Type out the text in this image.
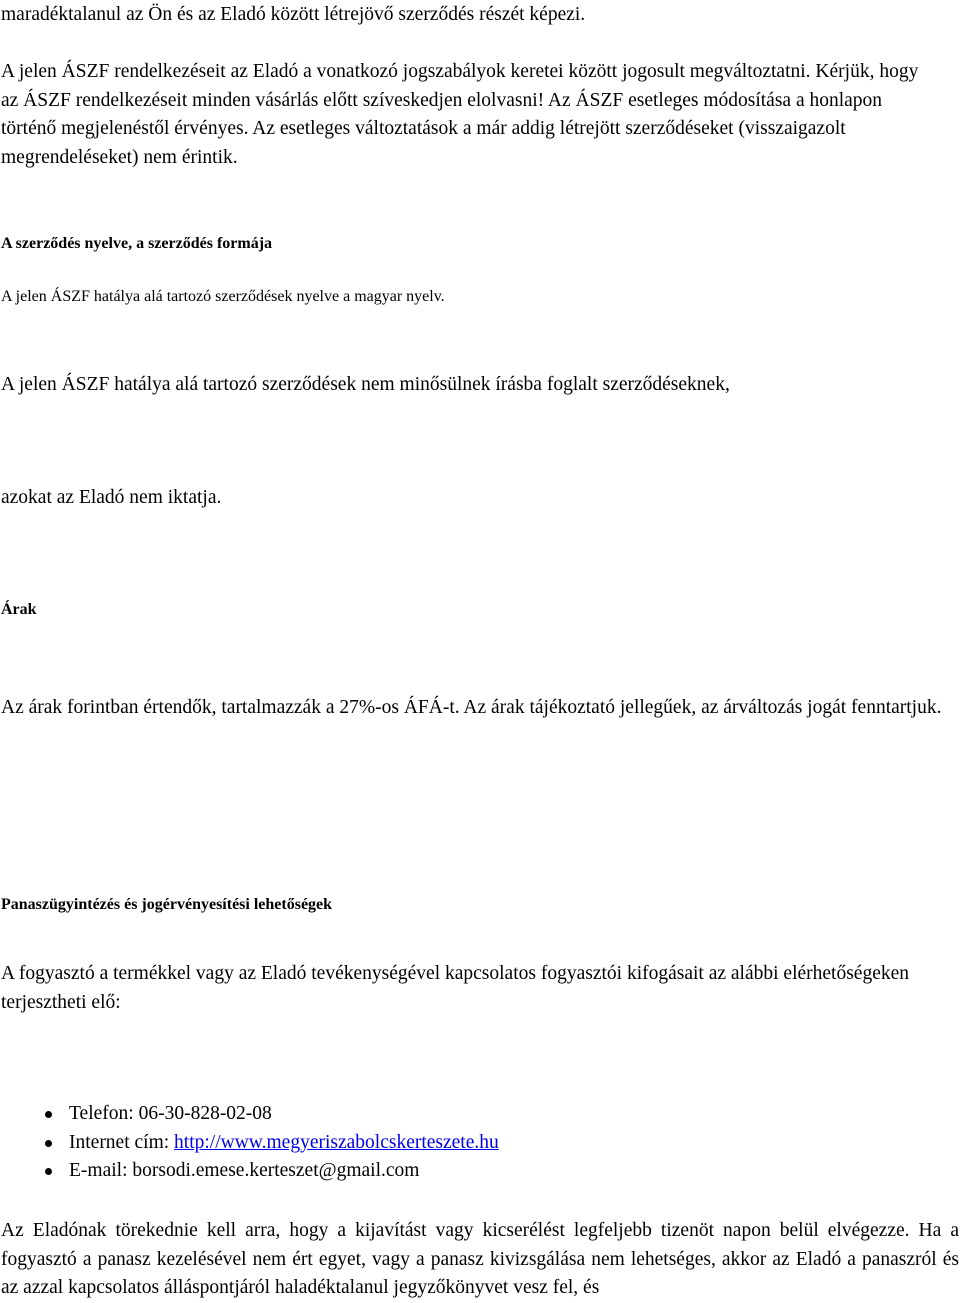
maradéktalanul az Ön és az Eladó között létrejövő szerződés részét képezi.

A jelen ÁSZF rendelkezéseit az Eladó a vonatkozó jogszabályok keretei között jogosult megváltoztatni. Kérjük, hogy az ÁSZF rendelkezéseit minden vásárlás előtt szíveskedjen elolvasni! Az ÁSZF esetleges módosítása a honlapon történő megjelenéstől érvényes. Az esetleges változtatások a már addig létrejött szerződéseket (visszaigazolt megrendeléseket) nem érintik.

A szerződés nyelve, a szerződés formája

A jelen ÁSZF hatálya alá tartozó szerződések nyelve a magyar nyelv.

A jelen ÁSZF hatálya alá tartozó szerződések nem minősülnek írásba foglalt szerződéseknek,

azokat az Eladó nem iktatja.

Árak

Az árak forintban értendők, tartalmazzák a 27%-os ÁFÁ-t. Az árak tájékoztató jellegűek, az árváltozás jogát fenntartjuk.

Panaszügyintézés és jogérvényesítési lehetőségek

A fogyasztó a termékkel vagy az Eladó tevékenységével kapcsolatos fogyasztói kifogásait az alábbi elérhetőségeken terjesztheti elő:

Telefon: 06-30-828-02-08
Internet cím: http://www.megyeriszabolcskerteszete.hu
E-mail: borsodi.emese.kerteszet@gmail.com

Az Eladónak törekednie kell arra, hogy a kijavítást vagy kicserélést legfeljebb tizenöt napon belül elvégezze. Ha a fogyasztó a panasz kezelésével nem ért egyet, vagy a panasz kivizsgálása nem lehetséges, akkor az Eladó a panaszról és az azzal kapcsolatos álláspontjáról haladéktalanul jegyzőkönyvet vesz fel, és
